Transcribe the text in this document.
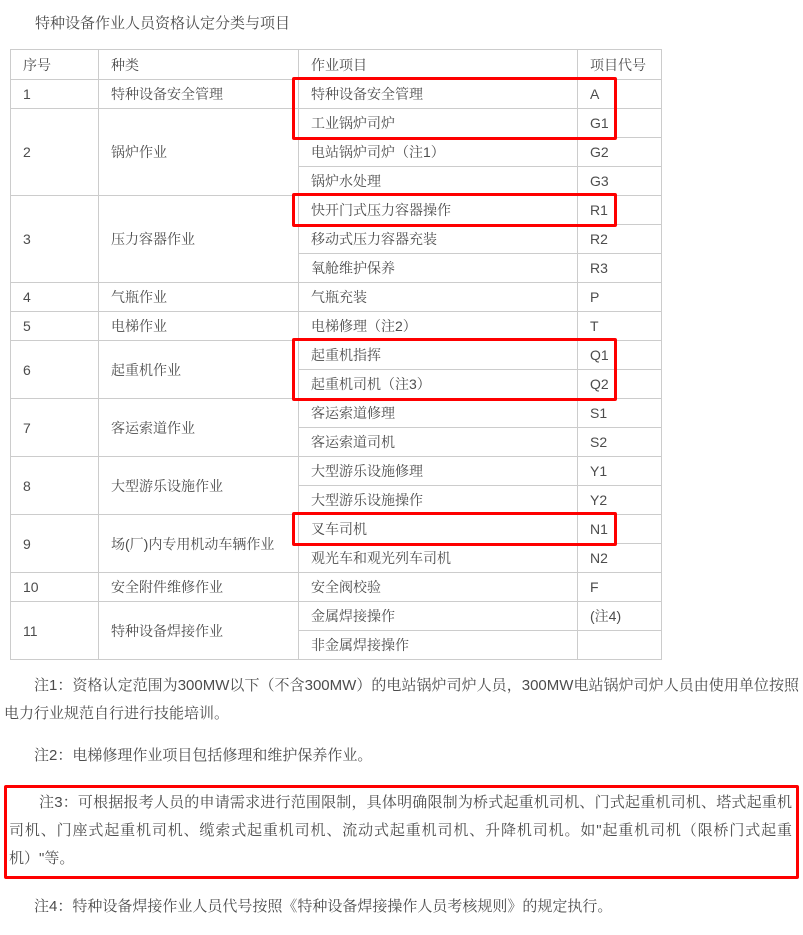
特种设备作业人员资格认定分类与项目
序号	种类	作业项目	项目代号
1	特种设备安全管理	特种设备安全管理	A
2	锅炉作业	工业锅炉司炉	G1
		电站锅炉司炉（注1）	G2
		锅炉水处理	G3
3	压力容器作业	快开门式压力容器操作	R1
		移动式压力容器充装	R2
		氧舱维护保养	R3
4	气瓶作业	气瓶充装	P
5	电梯作业	电梯修理（注2）	T
6	起重机作业	起重机指挥	Q1
		起重机司机（注3）	Q2
7	客运索道作业	客运索道修理	S1
		客运索道司机	S2
8	大型游乐设施作业	大型游乐设施修理	Y1
		大型游乐设施操作	Y2
9	场(厂)内专用机动车辆作业	叉车司机	N1
		观光车和观光列车司机	N2
10	安全附件维修作业	安全阀校验	F
11	特种设备焊接作业	金属焊接操作	(注4)
		非金属焊接操作	

注1：资格认定范围为300MW以下（不含300MW）的电站锅炉司炉人员，300MW电站锅炉司炉人员由使用单位按照电力行业规范自行进行技能培训。

注2：电梯修理作业项目包括修理和维护保养作业。

注3：可根据报考人员的申请需求进行范围限制，具体明确限制为桥式起重机司机、门式起重机司机、塔式起重机司机、门座式起重机司机、缆索式起重机司机、流动式起重机司机、升降机司机。如"起重机司机（限桥门式起重机）"等。

注4：特种设备焊接作业人员代号按照《特种设备焊接操作人员考核规则》的规定执行。
